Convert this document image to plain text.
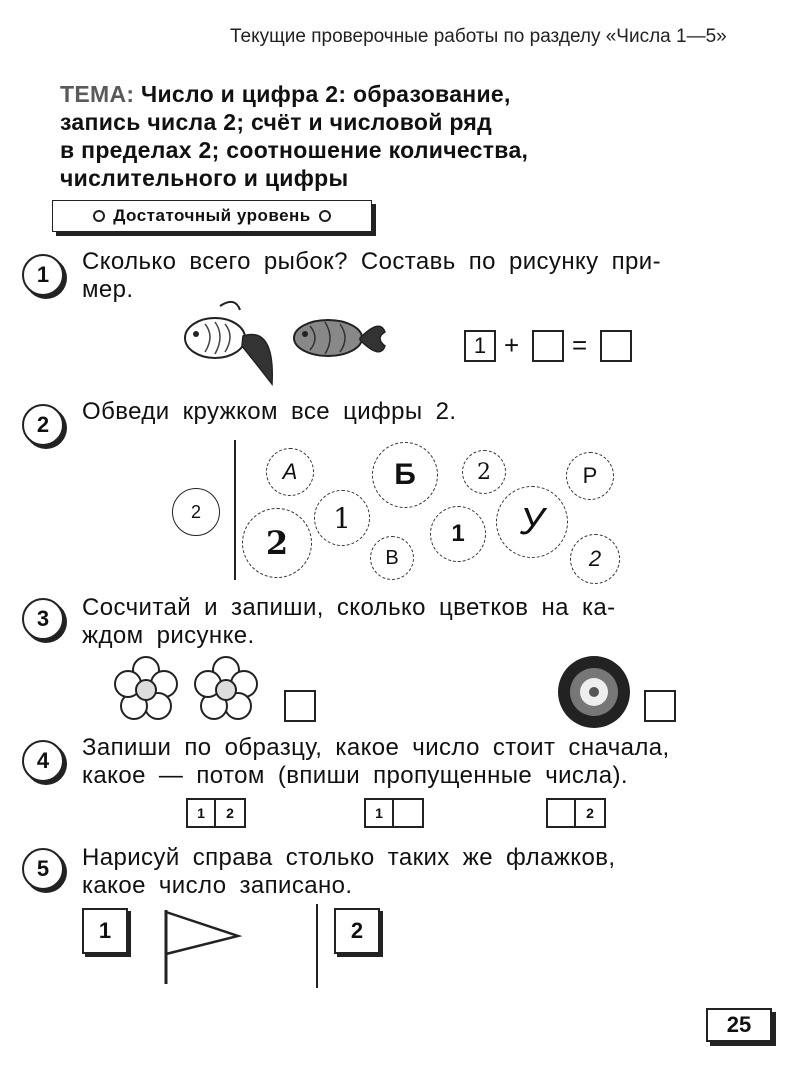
Текущие проверочные работы по разделу «Числа 1—5»
ТЕМА: Число и цифра 2: образование,
запись числа 2; счёт и числовой ряд
в пределах 2; соотношение количества,
числительного и цифры
Достаточный уровень
1	Сколько всего рыбок? Составь по рисунку при-
мер.
1 + =
2	Обведи кружком все цифры 2.
2
А	Б	2	Р
2
1	1	У
В	2
3	Сосчитай и запиши, сколько цветков на ка-
ждом рисунке.
4	Запиши по образцу, какое число стоит сначала,
какое — потом (впиши пропущенные числа).
1	2	1	2
5	Нарисуй справа столько таких же флажков,
какое число записано.
1	2
25
